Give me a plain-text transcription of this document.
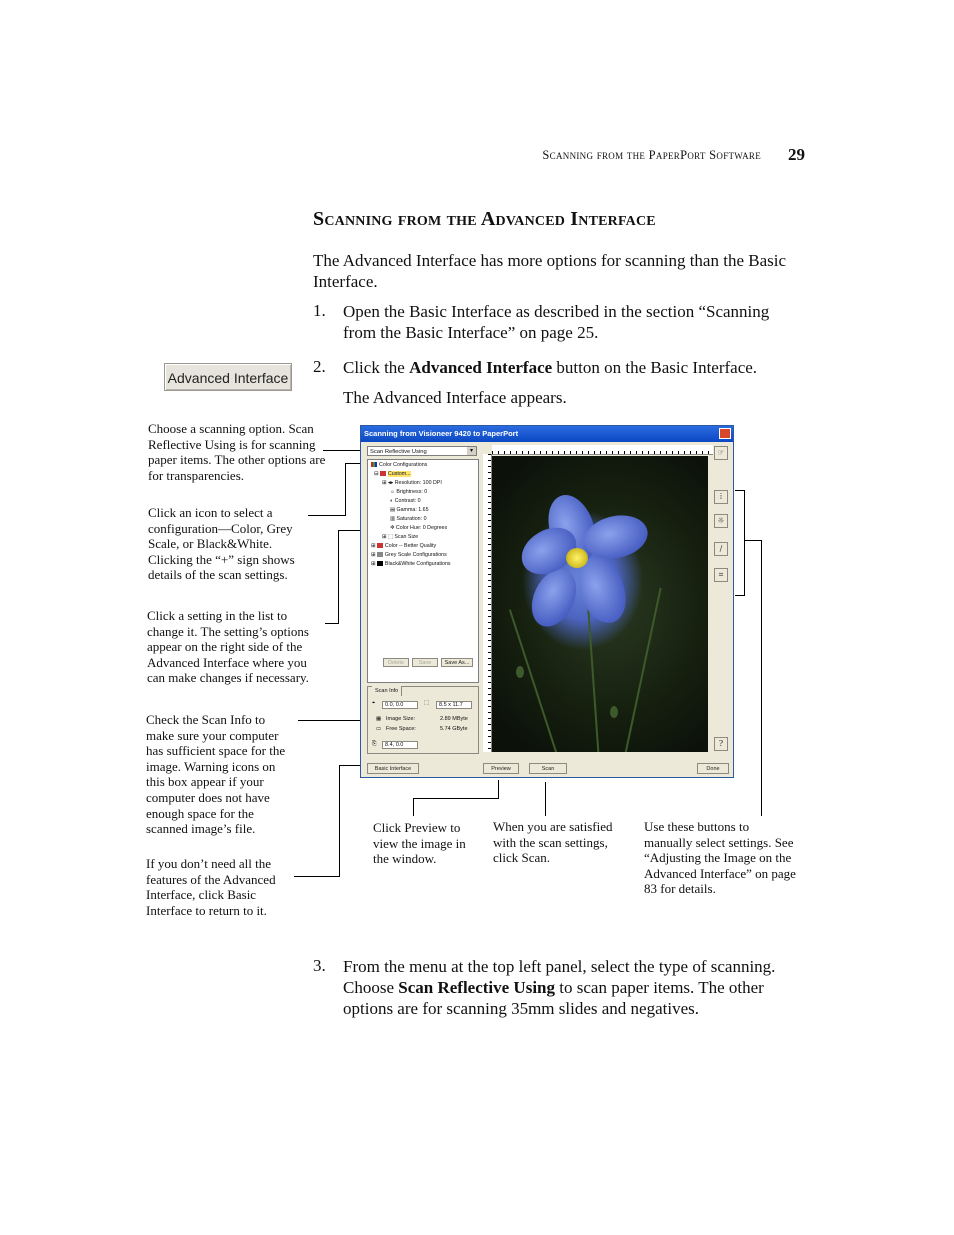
Scanning from the PaperPort Software 29
Scanning from the Advanced Interface
The Advanced Interface has more options for scanning than the Basic Interface.
1. Open the Basic Interface as described in the section “Scanning from the Basic Interface” on page 25.
2. Click the Advanced Interface button on the Basic Interface.
The Advanced Interface appears.
Advanced Interface
Choose a scanning option. Scan Reflective Using is for scanning paper items. The other options are for transparencies.
Click an icon to select a configuration—Color, Grey Scale, or Black&White. Clicking the “+” sign shows details of the scan settings.
Click a setting in the list to change it. The setting’s options appear on the right side of the Advanced Interface where you can make changes if necessary.
Check the Scan Info to make sure your computer has sufficient space for the image. Warning icons on this box appear if your computer does not have enough space for the scanned image’s file.
If you don’t need all the features of the Advanced Interface, click Basic Interface to return to it.
Click Preview to view the image in the window.
When you are satisfied with the scan settings, click Scan.
Use these buttons to manually select settings. See “Adjusting the Image on the Advanced Interface” on page 83 for details.
Scanning from Visioneer 9420 to PaperPort
Scan Reflective Using	▾
Color Configurations
⊟ Custom...
⊞ ◂▸ Resolution: 100 DPI
☼ Brightness: 0
◐ Contrast: 0
▤ Gamma: 1.65
▥ Saturation: 0
✲ Color Hue: 0 Degrees
⊞ ⬚ Scan Size
⊞ Color -- Better Quality
⊞ Grey Scale Configurations
⊞ Black&White Configurations
Delete	Save	Save As...
Scan Info
⌖	0.0, 0.0	⬚	8.5 x 11.7
▦ Image Size:	2.89 MByte
▭ Free Space:	5.74 GByte
⎘	8.4, 0.0
☞
⁞
☼
∕
⌗
?
Basic Interface	Preview	Scan	Done
3. From the menu at the top left panel, select the type of scanning. Choose Scan Reflective Using to scan paper items. The other options are for scanning 35mm slides and negatives.
